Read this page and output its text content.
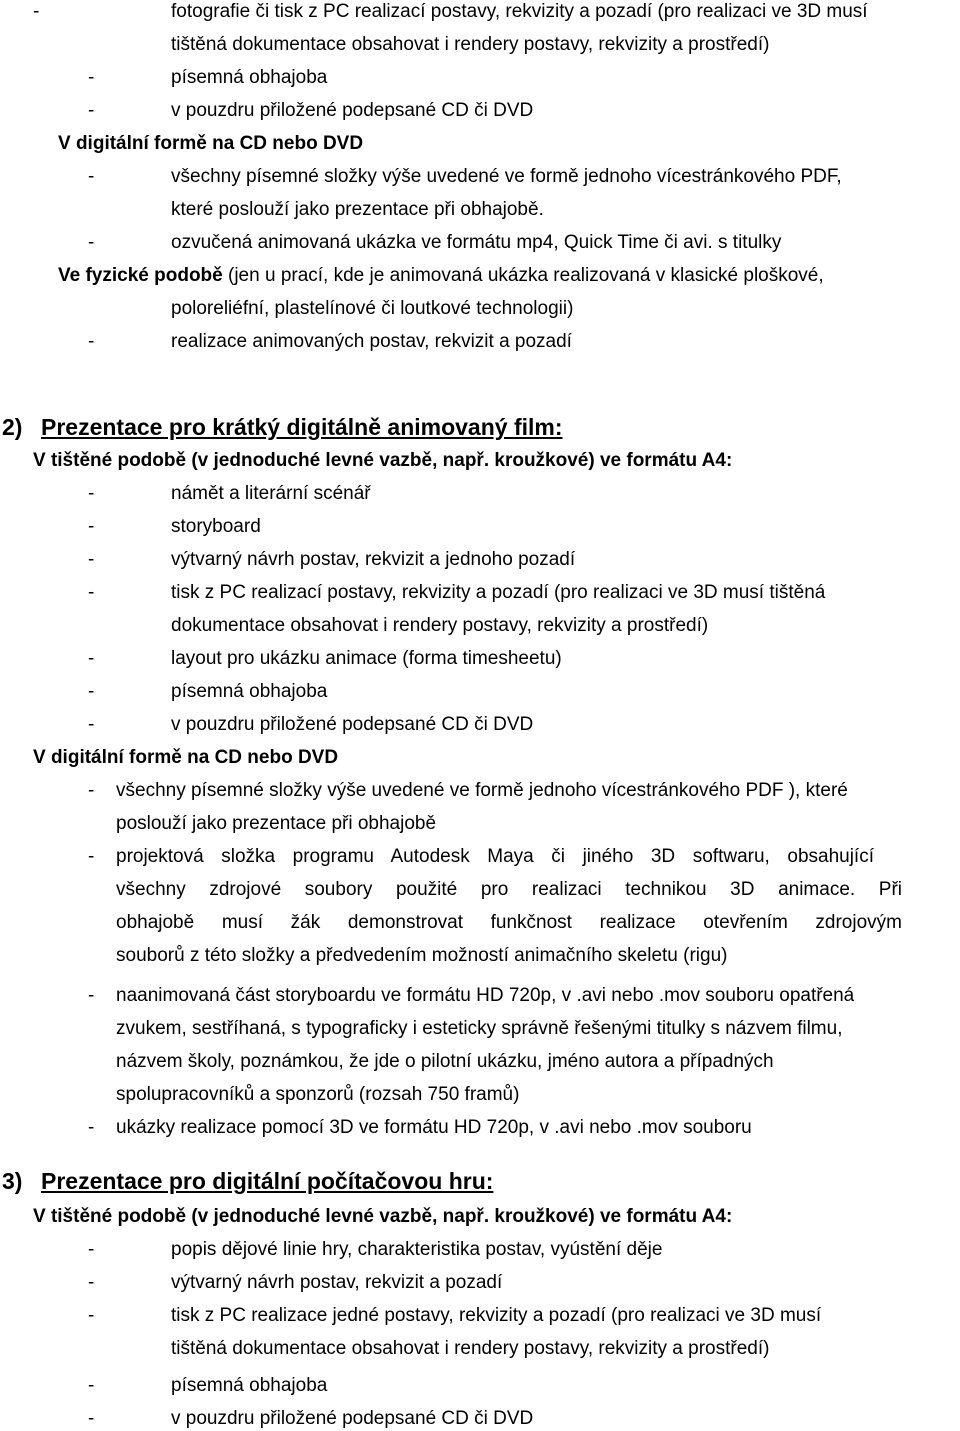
-	fotografie či tisk z PC realizací postavy, rekvizity a pozadí (pro realizaci ve 3D musí
tištěná dokumentace obsahovat i rendery postavy, rekvizity a prostředí)
-	písemná obhajoba
-	v pouzdru přiložené podepsané CD či DVD
V digitální formě na CD nebo DVD
-	všechny písemné složky výše uvedené ve formě jednoho vícestránkového PDF,
které poslouží jako prezentace při obhajobě.
-	ozvučená animovaná ukázka ve formátu mp4, Quick Time či avi. s titulky
Ve fyzické podobě (jen u prací, kde je animovaná ukázka realizovaná v klasické ploškové,
poloreliéfní, plastelínové či loutkové technologii)
-	realizace animovaných postav, rekvizit a pozadí
2) Prezentace pro krátký digitálně animovaný film:
V tištěné podobě (v jednoduché levné vazbě, např. kroužkové) ve formátu A4:
-	námět a literární scénář
-	storyboard
-	výtvarný návrh postav, rekvizit a jednoho pozadí
-	tisk z PC realizací postavy, rekvizity a pozadí (pro realizaci ve 3D musí tištěná
dokumentace obsahovat i rendery postavy, rekvizity a prostředí)
-	layout pro ukázku animace (forma timesheetu)
-	písemná obhajoba
-	v pouzdru přiložené podepsané CD či DVD
V digitální formě na CD nebo DVD
- všechny písemné složky výše uvedené ve formě jednoho vícestránkového PDF ), které
poslouží jako prezentace při obhajobě
- projektová složka programu Autodesk Maya či jiného 3D softwaru, obsahující
všechny zdrojové soubory použité pro realizaci technikou 3D animace. Při
obhajobě musí žák demonstrovat funkčnost realizace otevřením zdrojovým
souborů z této složky a předvedením možností animačního skeletu (rigu)
- naanimovaná část storyboardu ve formátu HD 720p, v .avi nebo .mov souboru opatřená
zvukem, sestříhaná, s typograficky i esteticky správně řešenými titulky s názvem filmu,
názvem školy, poznámkou, že jde o pilotní ukázku, jméno autora a případných
spolupracovníků a sponzorů (rozsah 750 framů)
- ukázky realizace pomocí 3D ve formátu HD 720p, v .avi nebo .mov souboru
3) Prezentace pro digitální počítačovou hru:
V tištěné podobě (v jednoduché levné vazbě, např. kroužkové) ve formátu A4:
-	popis dějové linie hry, charakteristika postav, vyústění děje
-	výtvarný návrh postav, rekvizit a pozadí
-	tisk z PC realizace jedné postavy, rekvizity a pozadí (pro realizaci ve 3D musí
tištěná dokumentace obsahovat i rendery postavy, rekvizity a prostředí)
-	písemná obhajoba
-	v pouzdru přiložené podepsané CD či DVD
